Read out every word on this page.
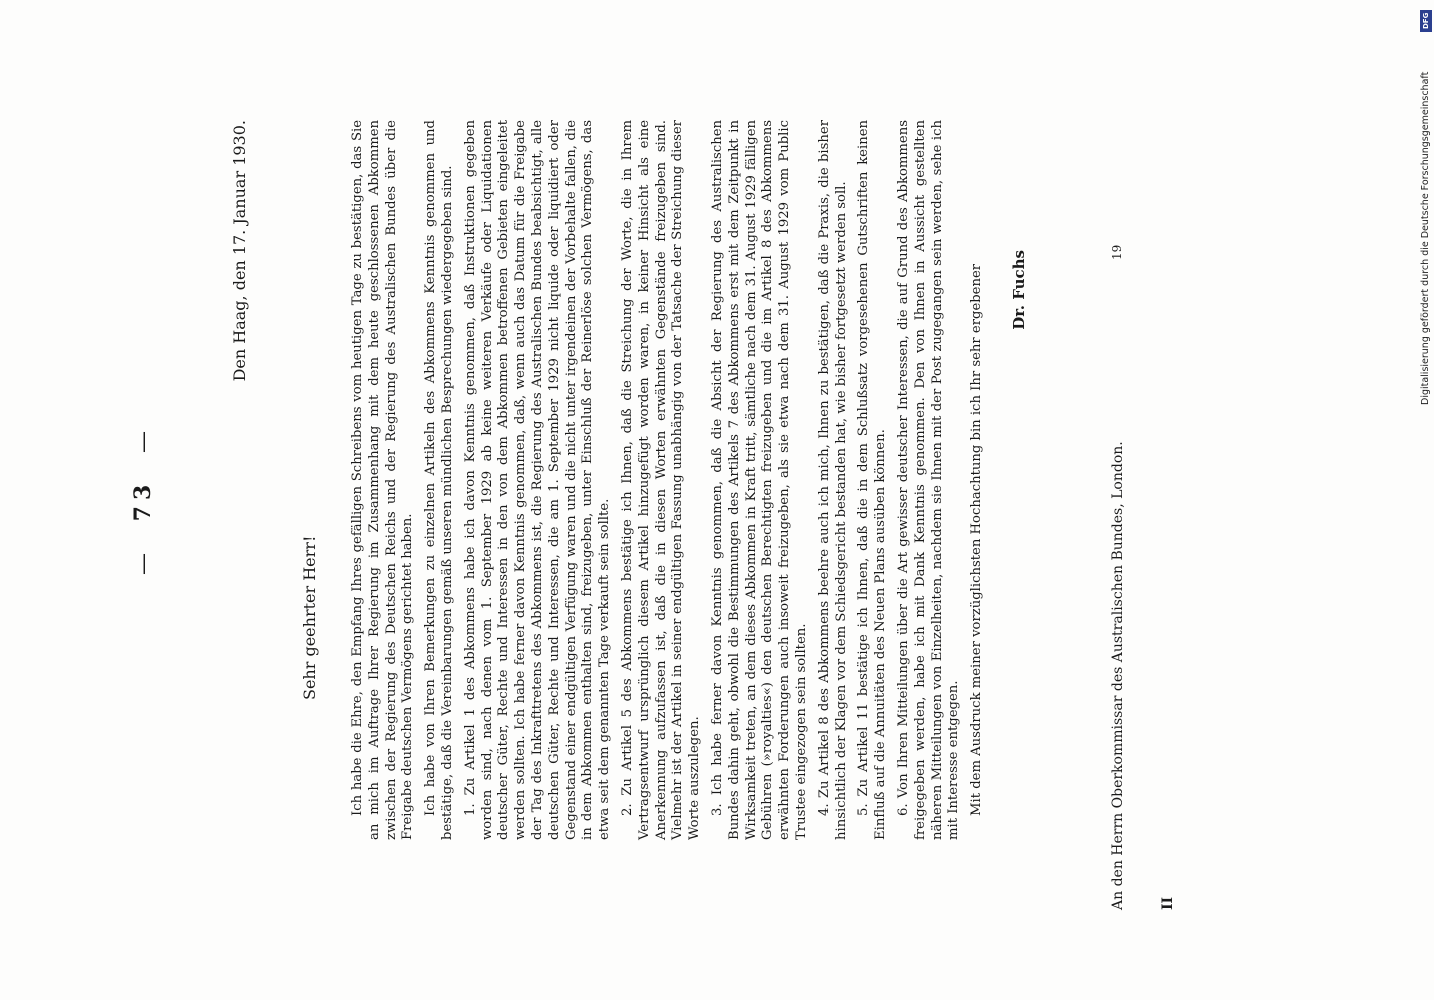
— 73 —
Den Haag, den 17. Januar 1930.
Sehr geehrter Herr! Ich habe die Ehre, den Empfang Ihres gefälligen Schreibens vom heutigen Tage zu bestätigen, das Sie an mich im Auftrage Ihrer Regierung im Zusammenhang mit dem heute geschlossenen Abkommen zwischen der Regierung des Deutschen Reichs und der Regierung des Australischen Bundes über die Freigabe deutschen Vermögens gerichtet haben. Ich habe von Ihren Bemerkungen zu einzelnen Artikeln des Abkommens Kenntnis genommen und bestätige, daß die Vereinbarungen gemäß unseren mündlichen Besprechungen wiedergegeben sind. 1. Zu Artikel 1 des Abkommens habe ich davon Kenntnis genommen, daß Instruktionen gegeben worden sind, nach denen vom 1. September 1929 ab keine weiteren Verkäufe oder Liquidationen deutscher Güter, Rechte und Interessen in den von dem Abkommen betroffenen Gebieten eingeleitet werden sollten. Ich habe ferner davon Kenntnis genommen, daß, wenn auch das Datum für die Freigabe der Tag des Inkrafttretens des Abkommens ist, die Regierung des Australischen Bundes beabsichtigt, alle deutschen Güter, Rechte und Interessen, die am 1. September 1929 nicht liquide oder liquidiert oder Gegenstand einer endgültigen Verfügung waren und die nicht unter irgendeinen der Vorbehalte fallen, die in dem Abkommen enthalten sind, freizugeben, unter Einschluß der Reinerlöse solchen Vermögens, das etwa seit dem genannten Tage verkauft sein sollte. 2. Zu Artikel 5 des Abkommens bestätige ich Ihnen, daß die Streichung der Worte, die in Ihrem Vertragsentwurf ursprünglich diesem Artikel hinzugefügt worden waren, in keiner Hinsicht als eine Anerkennung aufzufassen ist, daß die in diesen Worten erwähnten Gegenstände freizugeben sind. Vielmehr ist der Artikel in seiner endgültigen Fassung unabhängig von der Tatsache der Streichung dieser Worte auszulegen. 3. Ich habe ferner davon Kenntnis genommen, daß die Absicht der Regierung des Australischen Bundes dahin geht, obwohl die Bestimmungen des Artikels 7 des Abkommens erst mit dem Zeitpunkt in Wirksamkeit treten, an dem dieses Abkommen in Kraft tritt, sämtliche nach dem 31. August 1929 fälligen Gebühren (»royalties«) den deutschen Berechtigten freizugeben und die im Artikel 8 des Abkommens erwähnten Forderungen auch insoweit freizugeben, als sie etwa nach dem 31. August 1929 vom Public Trustee eingezogen sein sollten. 4. Zu Artikel 8 des Abkommens beehre auch ich mich, Ihnen zu bestätigen, daß die Praxis, die bisher hinsichtlich der Klagen vor dem Schiedsgericht bestanden hat, wie bisher fortgesetzt werden soll. 5. Zu Artikel 11 bestätige ich Ihnen, daß die in dem Schlußsatz vorgesehenen Gutschriften keinen Einfluß auf die Annuitäten des Neuen Plans ausüben können. 6. Von Ihren Mitteilungen über die Art gewisser deutscher Interessen, die auf Grund des Abkommens freigegeben werden, habe ich mit Dank Kenntnis genommen. Den von Ihnen in Aussicht gestellten näheren Mitteilungen von Einzelheiten, nachdem sie Ihnen mit der Post zugegangen sein werden, sehe ich mit Interesse entgegen. Mit dem Ausdruck meiner vorzüglichsten Hochachtung bin ich Ihr sehr ergebener Dr. Fuchs
An den Herrn Oberkommissar des Australischen Bundes, London. II
19
DFG
Digitalisierung gefördert durch die Deutsche Forschungsgemeinschaft
